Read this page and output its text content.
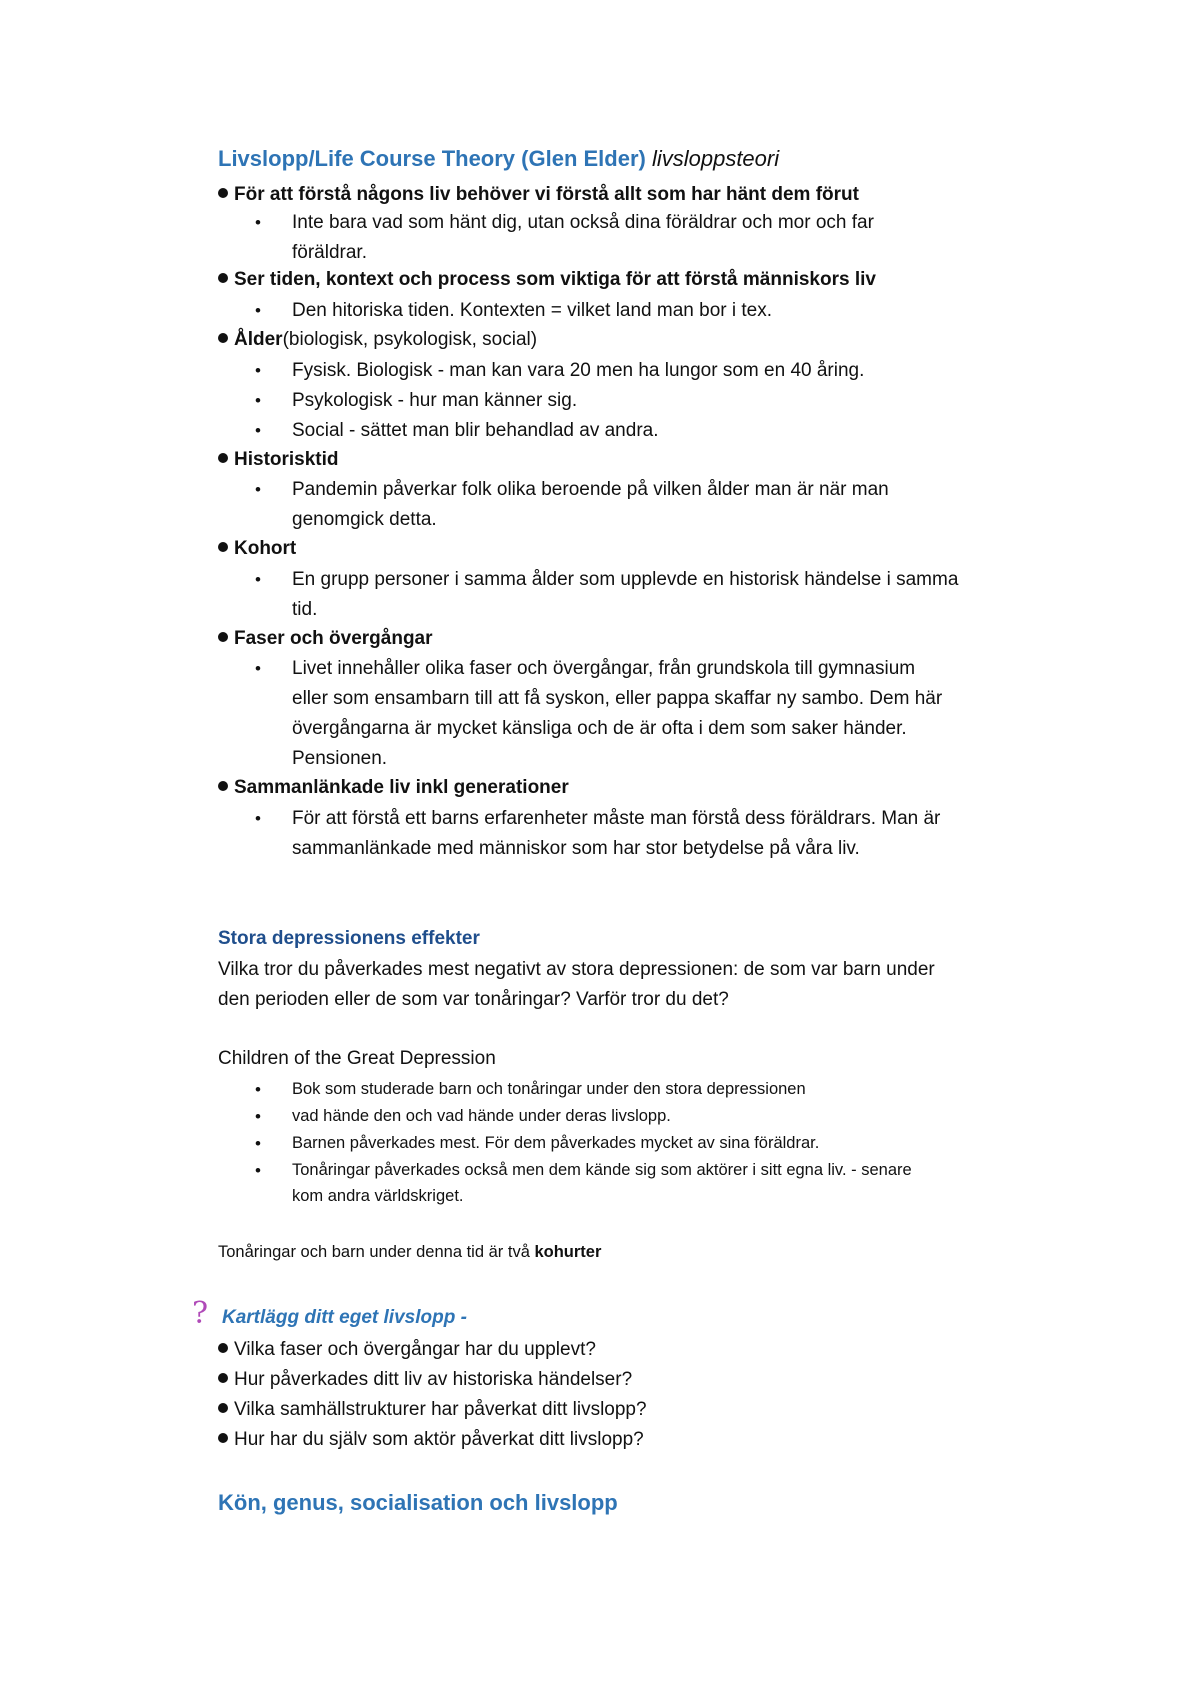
Livslopp/Life Course Theory (Glen Elder) livsloppsteori
För att förstå någons liv behöver vi förstå allt som har hänt dem förut
• Inte bara vad som hänt dig, utan också dina föräldrar och mor och far
föräldrar.
Ser tiden, kontext och process som viktiga för att förstå människors liv
• Den hitoriska tiden. Kontexten = vilket land man bor i tex.
Ålder(biologisk, psykologisk, social)
• Fysisk. Biologisk - man kan vara 20 men ha lungor som en 40 åring.
• Psykologisk - hur man känner sig.
• Social - sättet man blir behandlad av andra.
Historisktid
• Pandemin påverkar folk olika beroende på vilken ålder man är när man
genomgick detta.
Kohort
• En grupp personer i samma ålder som upplevde en historisk händelse i samma
tid.
Faser och övergångar
• Livet innehåller olika faser och övergångar, från grundskola till gymnasium
eller som ensambarn till att få syskon, eller pappa skaffar ny sambo. Dem här
övergångarna är mycket känsliga och de är ofta i dem som saker händer.
Pensionen.
Sammanlänkade liv inkl generationer
• För att förstå ett barns erfarenheter måste man förstå dess föräldrars. Man är
sammanlänkade med människor som har stor betydelse på våra liv.
Stora depressionens effekter
Vilka tror du påverkades mest negativt av stora depressionen: de som var barn under
den perioden eller de som var tonåringar? Varför tror du det?
Children of the Great Depression
• Bok som studerade barn och tonåringar under den stora depressionen
• vad hände den och vad hände under deras livslopp.
• Barnen påverkades mest. För dem påverkades mycket av sina föräldrar.
• Tonåringar påverkades också men dem kände sig som aktörer i sitt egna liv. - senare
kom andra världskriget.
Tonåringar och barn under denna tid är två kohurter
? Kartlägg ditt eget livslopp -
Vilka faser och övergångar har du upplevt?
Hur påverkades ditt liv av historiska händelser?
Vilka samhällstrukturer har påverkat ditt livslopp?
Hur har du själv som aktör påverkat ditt livslopp?
Kön, genus, socialisation och livslopp
